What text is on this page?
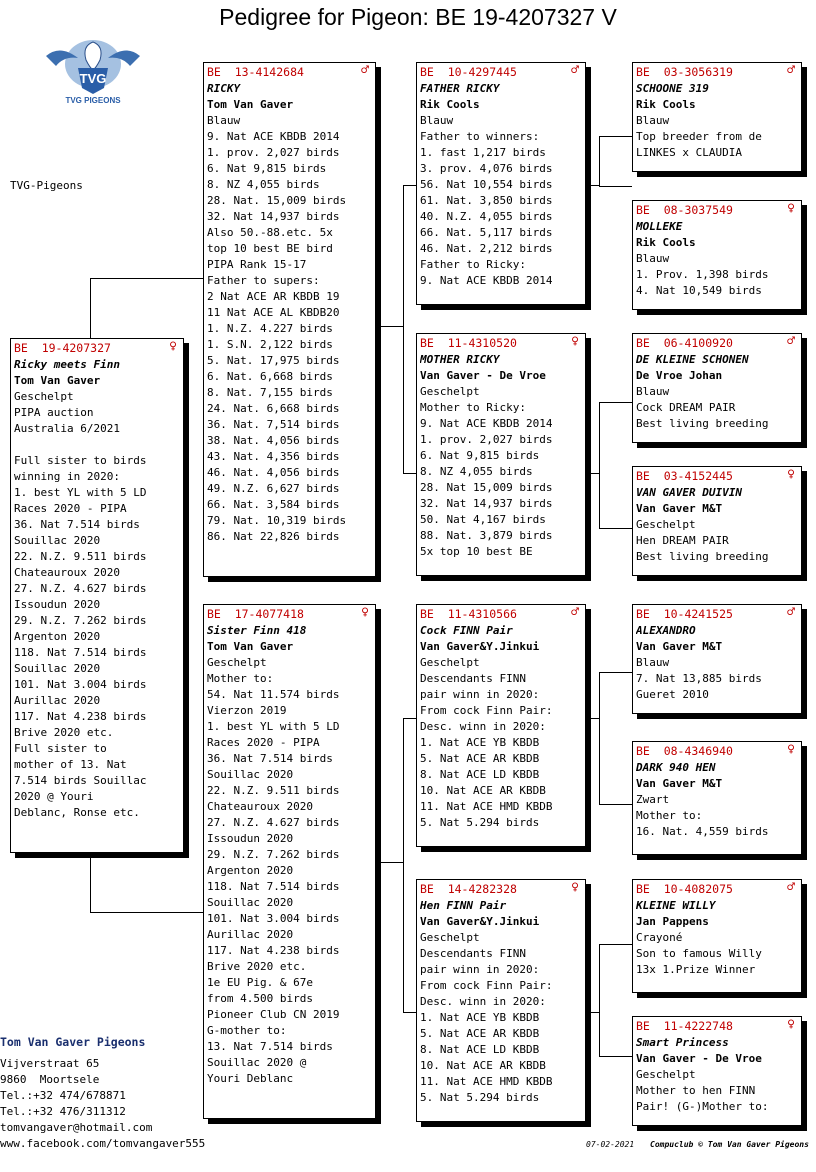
Pedigree for Pigeon: BE 19-4207327 V
TVG
TVG PIGEONS
TVG-Pigeons
BE  19-4207327	♀
Ricky meets Finn
Tom Van Gaver
Geschelpt
PIPA auction
Australia 6/2021
Full sister to birds
winning in 2020:
1. best YL with 5 LD
Races 2020 - PIPA
36. Nat 7.514 birds
Souillac 2020
22. N.Z. 9.511 birds
Chateauroux 2020
27. N.Z. 4.627 birds
Issoudun 2020
29. N.Z. 7.262 birds
Argenton 2020
118. Nat 7.514 birds
Souillac 2020
101. Nat 3.004 birds
Aurillac 2020
117. Nat 4.238 birds
Brive 2020 etc.
Full sister to
mother of 13. Nat
7.514 birds Souillac
2020 @ Youri
Deblanc, Ronse etc.
BE  13-4142684	♂
RICKY
Tom Van Gaver
Blauw
9. Nat ACE KBDB 2014
1. prov. 2,027 birds
6. Nat 9,815 birds
8. NZ 4,055 birds
28. Nat. 15,009 birds
32. Nat 14,937 birds
Also 50.-88.etc. 5x
top 10 best BE bird
PIPA Rank 15-17
Father to supers:
2 Nat ACE AR KBDB 19
11 Nat ACE AL KBDB20
1. N.Z. 4.227 birds
1. S.N. 2,122 birds
5. Nat. 17,975 birds
6. Nat. 6,668 birds
8. Nat. 7,155 birds
24. Nat. 6,668 birds
36. Nat. 7,514 birds
38. Nat. 4,056 birds
43. Nat. 4,356 birds
46. Nat. 4,056 birds
49. N.Z. 6,627 birds
66. Nat. 3,584 birds
79. Nat. 10,319 birds
86. Nat 22,826 birds
BE  17-4077418	♀
Sister Finn 418
Tom Van Gaver
Geschelpt
Mother to:
54. Nat 11.574 birds
Vierzon 2019
1. best YL with 5 LD
Races 2020 - PIPA
36. Nat 7.514 birds
Souillac 2020
22. N.Z. 9.511 birds
Chateauroux 2020
27. N.Z. 4.627 birds
Issoudun 2020
29. N.Z. 7.262 birds
Argenton 2020
118. Nat 7.514 birds
Souillac 2020
101. Nat 3.004 birds
Aurillac 2020
117. Nat 4.238 birds
Brive 2020 etc.
1e EU Pig. & 67e
from 4.500 birds
Pioneer Club CN 2019
G-mother to:
13. Nat 7.514 birds
Souillac 2020 @
Youri Deblanc
BE  10-4297445	♂
FATHER RICKY
Rik Cools
Blauw
Father to winners:
1. fast 1,217 birds
3. prov. 4,076 birds
56. Nat 10,554 birds
61. Nat. 3,850 birds
40. N.Z. 4,055 birds
66. Nat. 5,117 birds
46. Nat. 2,212 birds
Father to Ricky:
9. Nat ACE KBDB 2014
BE  11-4310520	♀
MOTHER RICKY
Van Gaver - De Vroe
Geschelpt
Mother to Ricky:
9. Nat ACE KBDB 2014
1. prov. 2,027 birds
6. Nat 9,815 birds
8. NZ 4,055 birds
28. Nat 15,009 birds
32. Nat 14,937 birds
50. Nat 4,167 birds
88. Nat. 3,879 birds
5x top 10 best BE
BE  11-4310566	♂
Cock FINN Pair
Van Gaver&Y.Jinkui
Geschelpt
Descendants FINN
pair winn in 2020:
From cock Finn Pair:
Desc. winn in 2020:
1. Nat ACE YB KBDB
5. Nat ACE AR KBDB
8. Nat ACE LD KBDB
10. Nat ACE AR KBDB
11. Nat ACE HMD KBDB
5. Nat 5.294 birds
BE  14-4282328	♀
Hen FINN Pair
Van Gaver&Y.Jinkui
Geschelpt
Descendants FINN
pair winn in 2020:
From cock Finn Pair:
Desc. winn in 2020:
1. Nat ACE YB KBDB
5. Nat ACE AR KBDB
8. Nat ACE LD KBDB
10. Nat ACE AR KBDB
11. Nat ACE HMD KBDB
5. Nat 5.294 birds
BE  03-3056319	♂
SCHOONE 319
Rik Cools
Blauw
Top breeder from de
LINKES x CLAUDIA
BE  08-3037549	♀
MOLLEKE
Rik Cools
Blauw
1. Prov. 1,398 birds
4. Nat 10,549 birds
BE  06-4100920	♂
DE KLEINE SCHONEN
De Vroe Johan
Blauw
Cock DREAM PAIR
Best living breeding
BE  03-4152445	♀
VAN GAVER DUIVIN
Van Gaver M&T
Geschelpt
Hen DREAM PAIR
Best living breeding
BE  10-4241525	♂
ALEXANDRO
Van Gaver M&T
Blauw
7. Nat 13,885 birds
Gueret 2010
BE  08-4346940	♀
DARK 940 HEN
Van Gaver M&T
Zwart
Mother to:
16. Nat. 4,559 birds
BE  10-4082075	♂
KLEINE WILLY
Jan Pappens
Crayoné
Son to famous Willy
13x 1.Prize Winner
BE  11-4222748	♀
Smart Princess
Van Gaver - De Vroe
Geschelpt
Mother to hen FINN
Pair! (G-)Mother to:
Tom Van Gaver Pigeons
Vijverstraat 65
9860  Moortsele
Tel.:+32 474/678871
Tel.:+32 476/311312
tomvangaver@hotmail.com
www.facebook.com/tomvangaver555	07-02-2021 Compuclub © Tom Van Gaver Pigeons
